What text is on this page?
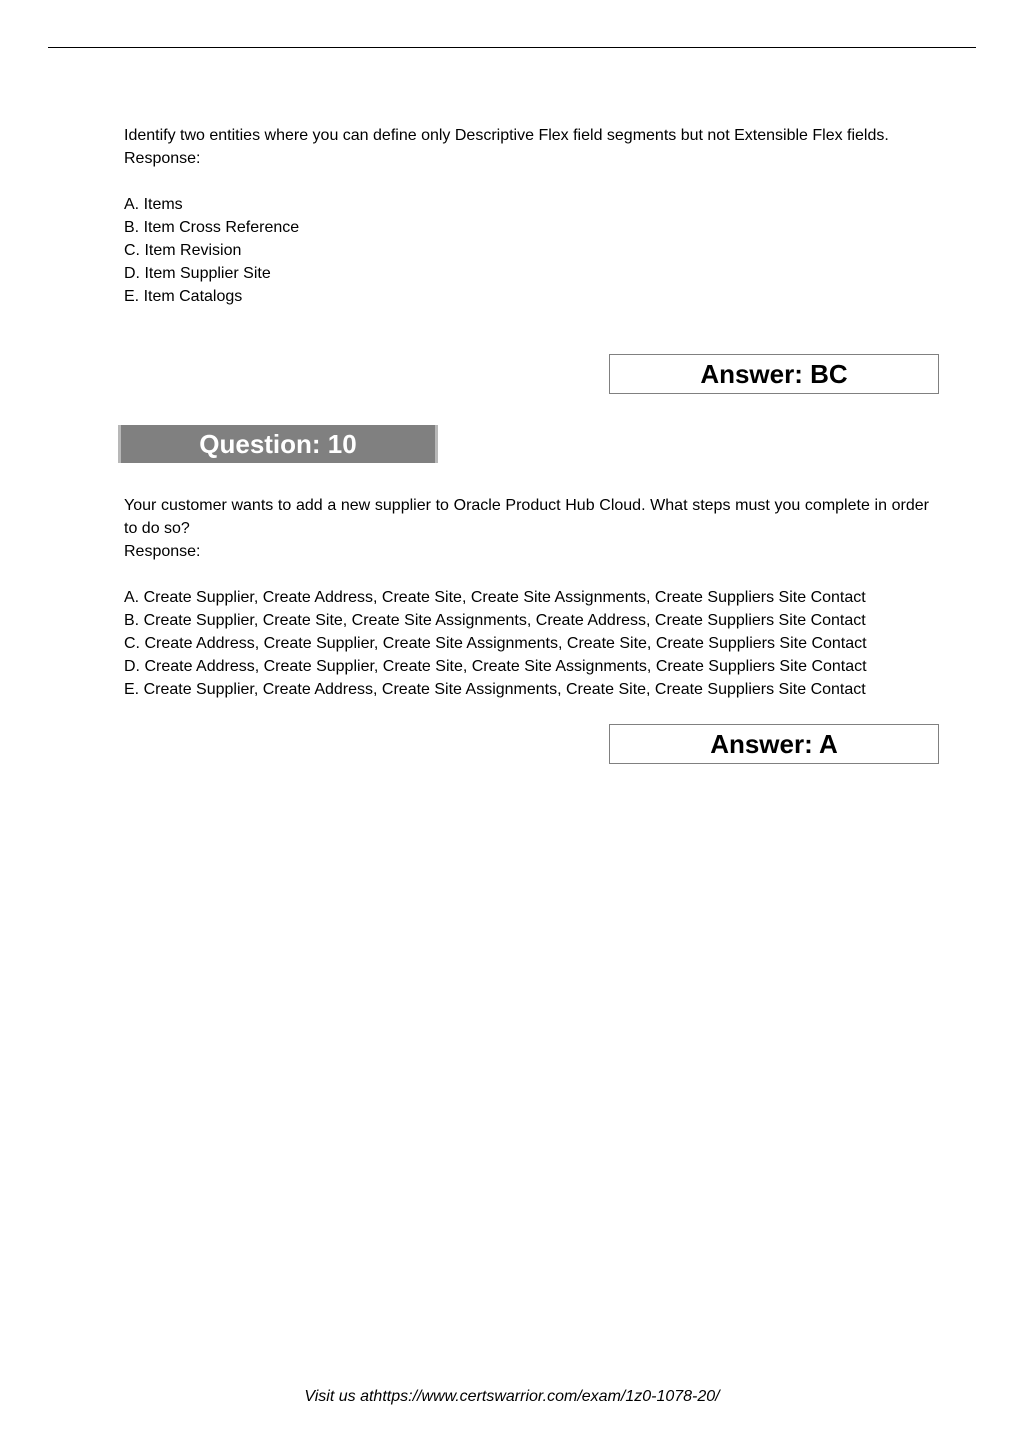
Identify two entities where you can define only Descriptive Flex field segments but not Extensible Flex fields.
Response:
A. Items
B. Item Cross Reference
C. Item Revision
D. Item Supplier Site
E. Item Catalogs
Answer: BC
Question: 10
Your customer wants to add a new supplier to Oracle Product Hub Cloud. What steps must you complete in order to do so?
Response:
A. Create Supplier, Create Address, Create Site, Create Site Assignments, Create Suppliers Site Contact
B. Create Supplier, Create Site, Create Site Assignments, Create Address, Create Suppliers Site Contact
C. Create Address, Create Supplier, Create Site Assignments, Create Site, Create Suppliers Site Contact
D. Create Address, Create Supplier, Create Site, Create Site Assignments, Create Suppliers Site Contact
E. Create Supplier, Create Address, Create Site Assignments, Create Site, Create Suppliers Site Contact
Answer: A
Visit us athttps://www.certswarrior.com/exam/1z0-1078-20/
